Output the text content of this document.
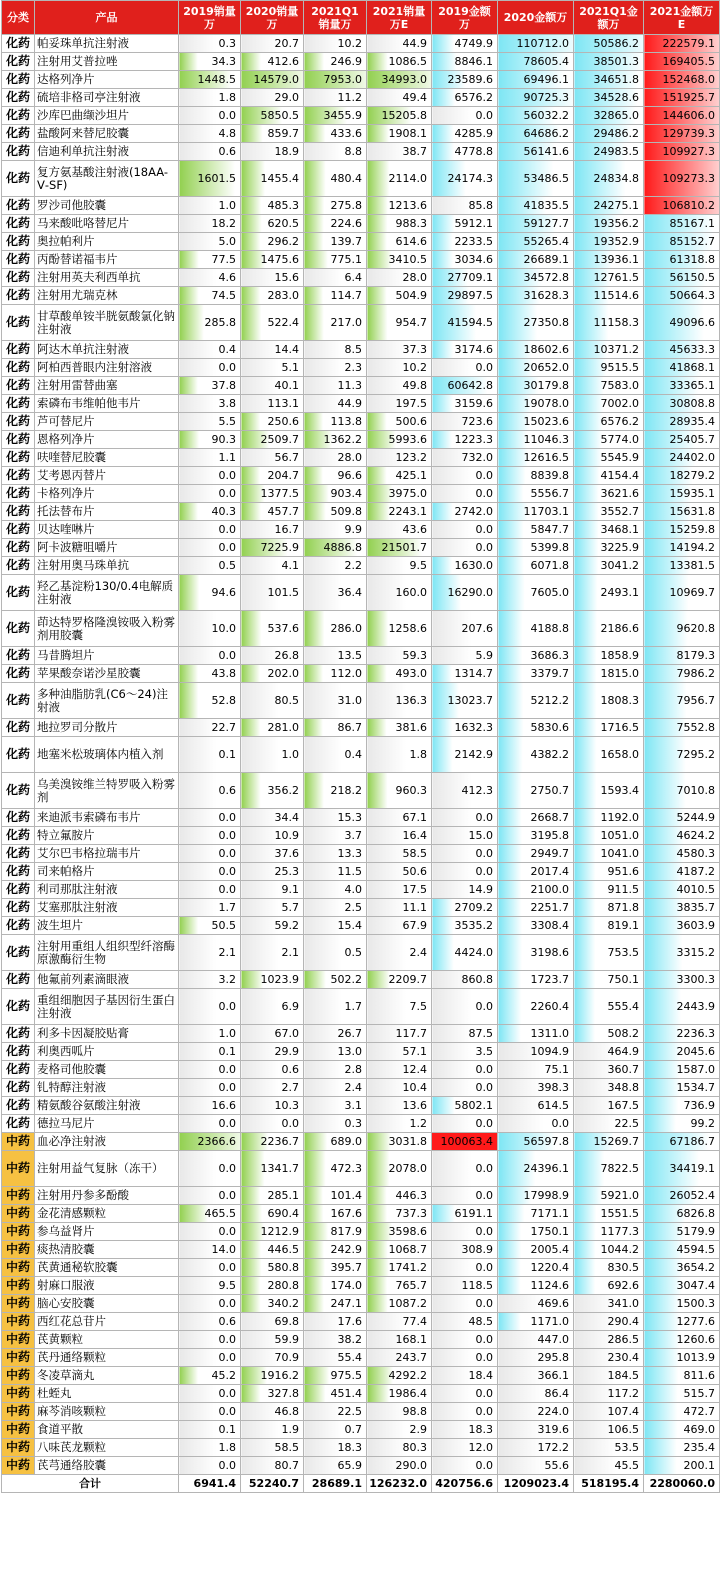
分类	产品	2019销量万	2020销量万	2021Q1销量万	2021销量万E	2019金额万	2020金额万	2021Q1金额万	2021金额万E
化药	帕妥珠单抗注射液	0.3	20.7	10.2	44.9	4749.9	110712.0	50586.2	222579.1
化药	注射用艾普拉唑	34.3	412.6	246.9	1086.5	8846.1	78605.4	38501.3	169405.5
化药	达格列净片	1448.5	14579.0	7953.0	34993.0	23589.6	69496.1	34651.8	152468.0
化药	硫培非格司亭注射液	1.8	29.0	11.2	49.4	6576.2	90725.3	34528.6	151925.7
化药	沙库巴曲缬沙坦片	0.0	5850.5	3455.9	15205.8	0.0	56032.2	32865.0	144606.0
化药	盐酸阿来替尼胶囊	4.8	859.7	433.6	1908.1	4285.9	64686.2	29486.2	129739.3
化药	信迪利单抗注射液	0.6	18.9	8.8	38.7	4778.8	56141.6	24983.5	109927.3
化药	复方氨基酸注射液(18AA-Ⅴ-SF)	1601.5	1455.4	480.4	2114.0	24174.3	53486.5	24834.8	109273.3
化药	罗沙司他胶囊	1.0	485.3	275.8	1213.6	85.8	41835.5	24275.1	106810.2
化药	马来酸吡咯替尼片	18.2	620.5	224.6	988.3	5912.1	59127.7	19356.2	85167.1
化药	奥拉帕利片	5.0	296.2	139.7	614.6	2233.5	55265.4	19352.9	85152.7
化药	丙酚替诺福韦片	77.5	1475.6	775.1	3410.5	3034.6	26689.1	13936.1	61318.8
化药	注射用英夫利西单抗	4.6	15.6	6.4	28.0	27709.1	34572.8	12761.5	56150.5
化药	注射用尤瑞克林	74.5	283.0	114.7	504.9	29897.5	31628.3	11514.6	50664.3
化药	甘草酸单铵半胱氨酸氯化钠注射液	285.8	522.4	217.0	954.7	41594.5	27350.8	11158.3	49096.6
化药	阿达木单抗注射液	0.4	14.4	8.5	37.3	3174.6	18602.6	10371.2	45633.3
化药	阿柏西普眼内注射溶液	0.0	5.1	2.3	10.2	0.0	20652.0	9515.5	41868.1
化药	注射用雷替曲塞	37.8	40.1	11.3	49.8	60642.8	30179.8	7583.0	33365.1
化药	索磷布韦维帕他韦片	3.8	113.1	44.9	197.5	3159.6	19078.0	7002.0	30808.8
化药	芦可替尼片	5.5	250.6	113.8	500.6	723.6	15023.6	6576.2	28935.4
化药	恩格列净片	90.3	2509.7	1362.2	5993.6	1223.3	11046.3	5774.0	25405.7
化药	呋喹替尼胶囊	1.1	56.7	28.0	123.2	732.0	12616.5	5545.9	24402.0
化药	艾考恩丙替片	0.0	204.7	96.6	425.1	0.0	8839.8	4154.4	18279.2
化药	卡格列净片	0.0	1377.5	903.4	3975.0	0.0	5556.7	3621.6	15935.1
化药	托法替布片	40.3	457.7	509.8	2243.1	2742.0	11703.1	3552.7	15631.8
化药	贝达喹啉片	0.0	16.7	9.9	43.6	0.0	5847.7	3468.1	15259.8
化药	阿卡波糖咀嚼片	0.0	7225.9	4886.8	21501.7	0.0	5399.8	3225.9	14194.2
化药	注射用奥马珠单抗	0.5	4.1	2.2	9.5	1630.0	6071.8	3041.2	13381.5
化药	羟乙基淀粉130/0.4电解质注射液	94.6	101.5	36.4	160.0	16290.0	7605.0	2493.1	10969.7
化药	茚达特罗格隆溴铵吸入粉雾剂用胶囊	10.0	537.6	286.0	1258.6	207.6	4188.8	2186.6	9620.8
化药	马昔腾坦片	0.0	26.8	13.5	59.3	5.9	3686.3	1858.9	8179.3
化药	苹果酸奈诺沙星胶囊	43.8	202.0	112.0	493.0	1314.7	3379.7	1815.0	7986.2
化药	多种油脂肪乳(C6～24)注射液	52.8	80.5	31.0	136.3	13023.7	5212.2	1808.3	7956.7
化药	地拉罗司分散片	22.7	281.0	86.7	381.6	1632.3	5830.6	1716.5	7552.8
化药	地塞米松玻璃体内植入剂	0.1	1.0	0.4	1.8	2142.9	4382.2	1658.0	7295.2
化药	乌美溴铵维兰特罗吸入粉雾剂	0.6	356.2	218.2	960.3	412.3	2750.7	1593.4	7010.8
化药	来迪派韦索磷布韦片	0.0	34.4	15.3	67.1	0.0	2668.7	1192.0	5244.9
化药	特立氟胺片	0.0	10.9	3.7	16.4	15.0	3195.8	1051.0	4624.2
化药	艾尔巴韦格拉瑞韦片	0.0	37.6	13.3	58.5	0.0	2949.7	1041.0	4580.3
化药	司来帕格片	0.0	25.3	11.5	50.6	0.0	2017.4	951.6	4187.2
化药	利司那肽注射液	0.0	9.1	4.0	17.5	14.9	2100.0	911.5	4010.5
化药	艾塞那肽注射液	1.7	5.7	2.5	11.1	2709.2	2251.7	871.8	3835.7
化药	波生坦片	50.5	59.2	15.4	67.9	3535.2	3308.4	819.1	3603.9
化药	注射用重组人组织型纤溶酶原激酶衍生物	2.1	2.1	0.5	2.4	4424.0	3198.6	753.5	3315.2
化药	他氟前列素滴眼液	3.2	1023.9	502.2	2209.7	860.8	1723.7	750.1	3300.3
化药	重组细胞因子基因衍生蛋白注射液	0.0	6.9	1.7	7.5	0.0	2260.4	555.4	2443.9
化药	利多卡因凝胶贴膏	1.0	67.0	26.7	117.7	87.5	1311.0	508.2	2236.3
化药	利奥西呱片	0.1	29.9	13.0	57.1	3.5	1094.9	464.9	2045.6
化药	麦格司他胶囊	0.0	0.6	2.8	12.4	0.0	75.1	360.7	1587.0
化药	钆特醇注射液	0.0	2.7	2.4	10.4	0.0	398.3	348.8	1534.7
化药	精氨酸谷氨酸注射液	16.6	10.3	3.1	13.6	5802.1	614.5	167.5	736.9
化药	德拉马尼片	0.0	0.0	0.3	1.2	0.0	0.0	22.5	99.2
中药	血必净注射液	2366.6	2236.7	689.0	3031.8	100063.4	56597.8	15269.7	67186.7
中药	注射用益气复脉（冻干）	0.0	1341.7	472.3	2078.0	0.0	24396.1	7822.5	34419.1
中药	注射用丹参多酚酸	0.0	285.1	101.4	446.3	0.0	17998.9	5921.0	26052.4
中药	金花清感颗粒	465.5	690.4	167.6	737.3	6191.1	7171.1	1551.5	6826.8
中药	参乌益肾片	0.0	1212.9	817.9	3598.6	0.0	1750.1	1177.3	5179.9
中药	痰热清胶囊	14.0	446.5	242.9	1068.7	308.9	2005.4	1044.2	4594.5
中药	芪黄通秘软胶囊	0.0	580.8	395.7	1741.2	0.0	1220.4	830.5	3654.2
中药	射麻口服液	9.5	280.8	174.0	765.7	118.5	1124.6	692.6	3047.4
中药	脑心安胶囊	0.0	340.2	247.1	1087.2	0.0	469.6	341.0	1500.3
中药	西红花总苷片	0.6	69.8	17.6	77.4	48.5	1171.0	290.4	1277.6
中药	芪黄颗粒	0.0	59.9	38.2	168.1	0.0	447.0	286.5	1260.6
中药	芪丹通络颗粒	0.0	70.9	55.4	243.7	0.0	295.8	230.4	1013.9
中药	冬凌草滴丸	45.2	1916.2	975.5	4292.2	18.4	366.1	184.5	811.6
中药	杜蛭丸	0.0	327.8	451.4	1986.4	0.0	86.4	117.2	515.7
中药	麻芩消咳颗粒	0.0	46.8	22.5	98.8	0.0	224.0	107.4	472.7
中药	食道平散	0.1	1.9	0.7	2.9	18.3	319.6	106.5	469.0
中药	八味芪龙颗粒	1.8	58.5	18.3	80.3	12.0	172.2	53.5	235.4
中药	芪芎通络胶囊	0.0	80.7	65.9	290.0	0.0	55.6	45.5	200.1
合计		6941.4	52240.7	28689.1	126232.0	420756.6	1209023.4	518195.4	2280060.0
